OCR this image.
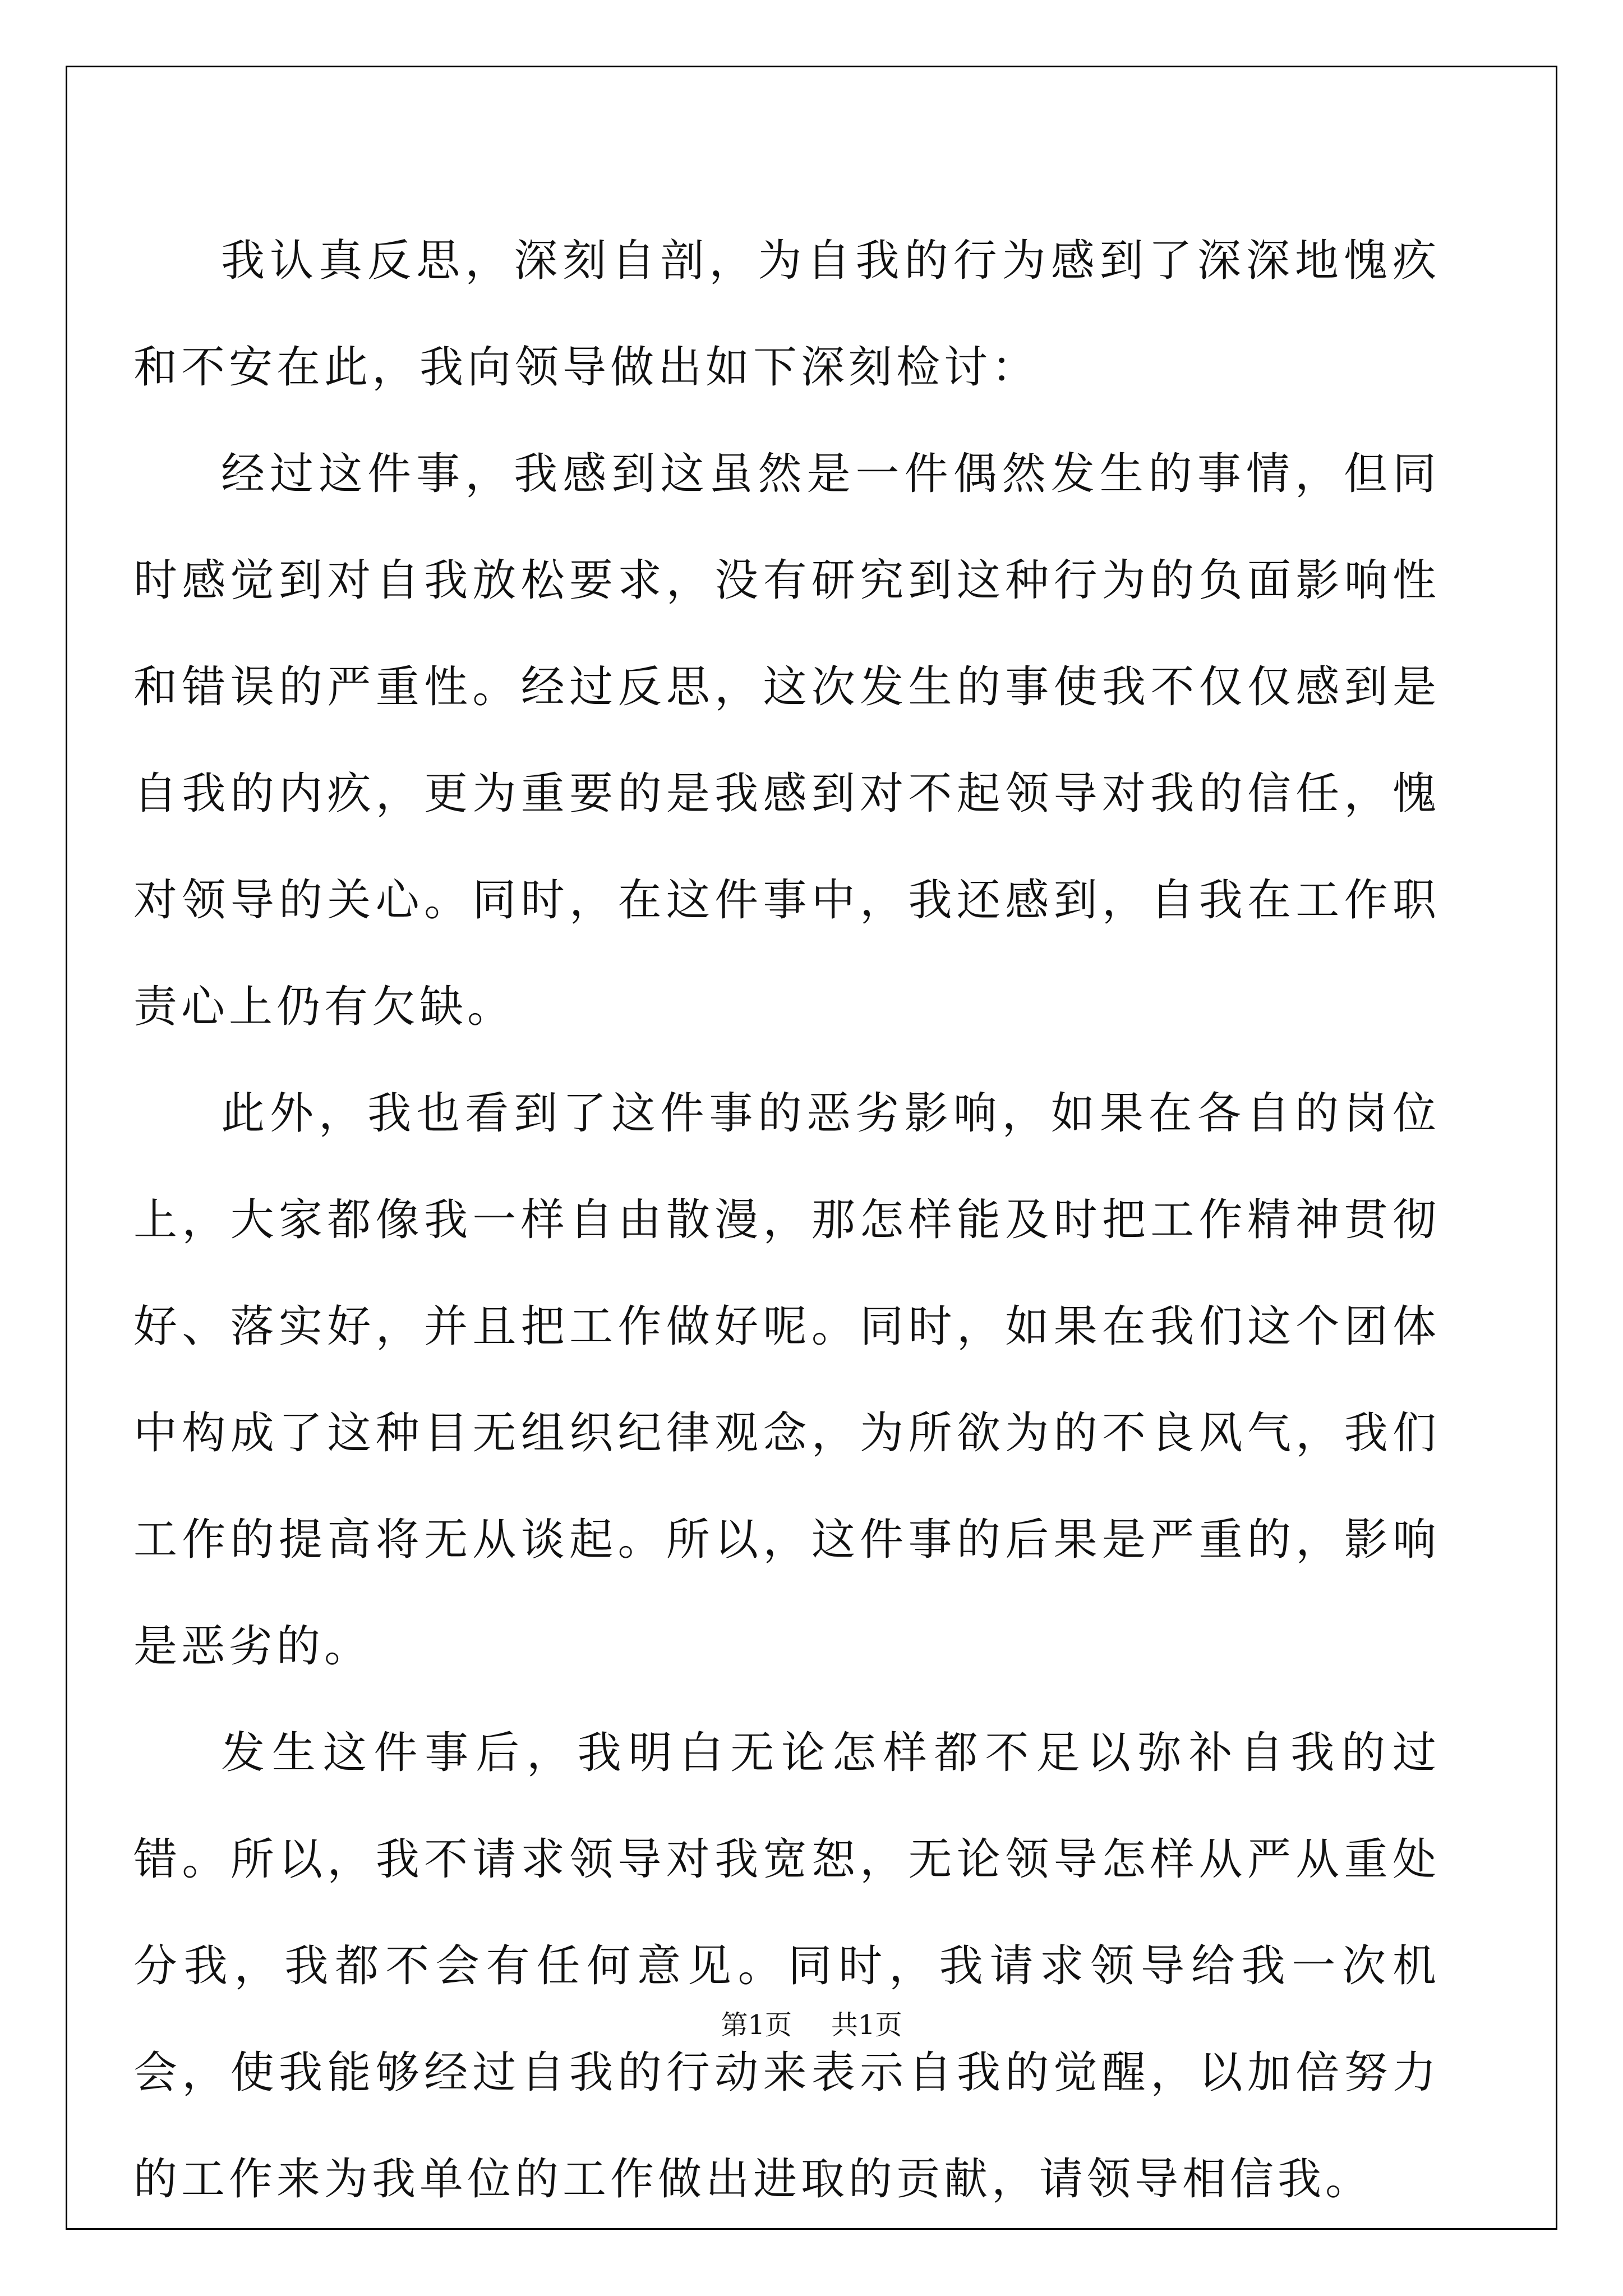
我认真反思，深刻自剖，为自我的行为感到了深深地愧疚和不安在此，我向领导做出如下深刻检讨：

经过这件事，我感到这虽然是一件偶然发生的事情，但同时感觉到对自我放松要求，没有研究到这种行为的负面影响性和错误的严重性。经过反思，这次发生的事使我不仅仅感到是自我的内疚，更为重要的是我感到对不起领导对我的信任，愧对领导的关心。同时，在这件事中，我还感到，自我在工作职责心上仍有欠缺。

此外，我也看到了这件事的恶劣影响，如果在各自的岗位上，大家都像我一样自由散漫，那怎样能及时把工作精神贯彻好、落实好，并且把工作做好呢。同时，如果在我们这个团体中构成了这种目无组织纪律观念，为所欲为的不良风气，我们工作的提高将无从谈起。所以，这件事的后果是严重的，影响是恶劣的。

发生这件事后，我明白无论怎样都不足以弥补自我的过错。所以，我不请求领导对我宽恕，无论领导怎样从严从重处分我，我都不会有任何意见。同时，我请求领导给我一次机会，使我能够经过自我的行动来表示自我的觉醒，以加倍努力的工作来为我单位的工作做出进取的贡献，请领导相信我。

第1页 共1页
